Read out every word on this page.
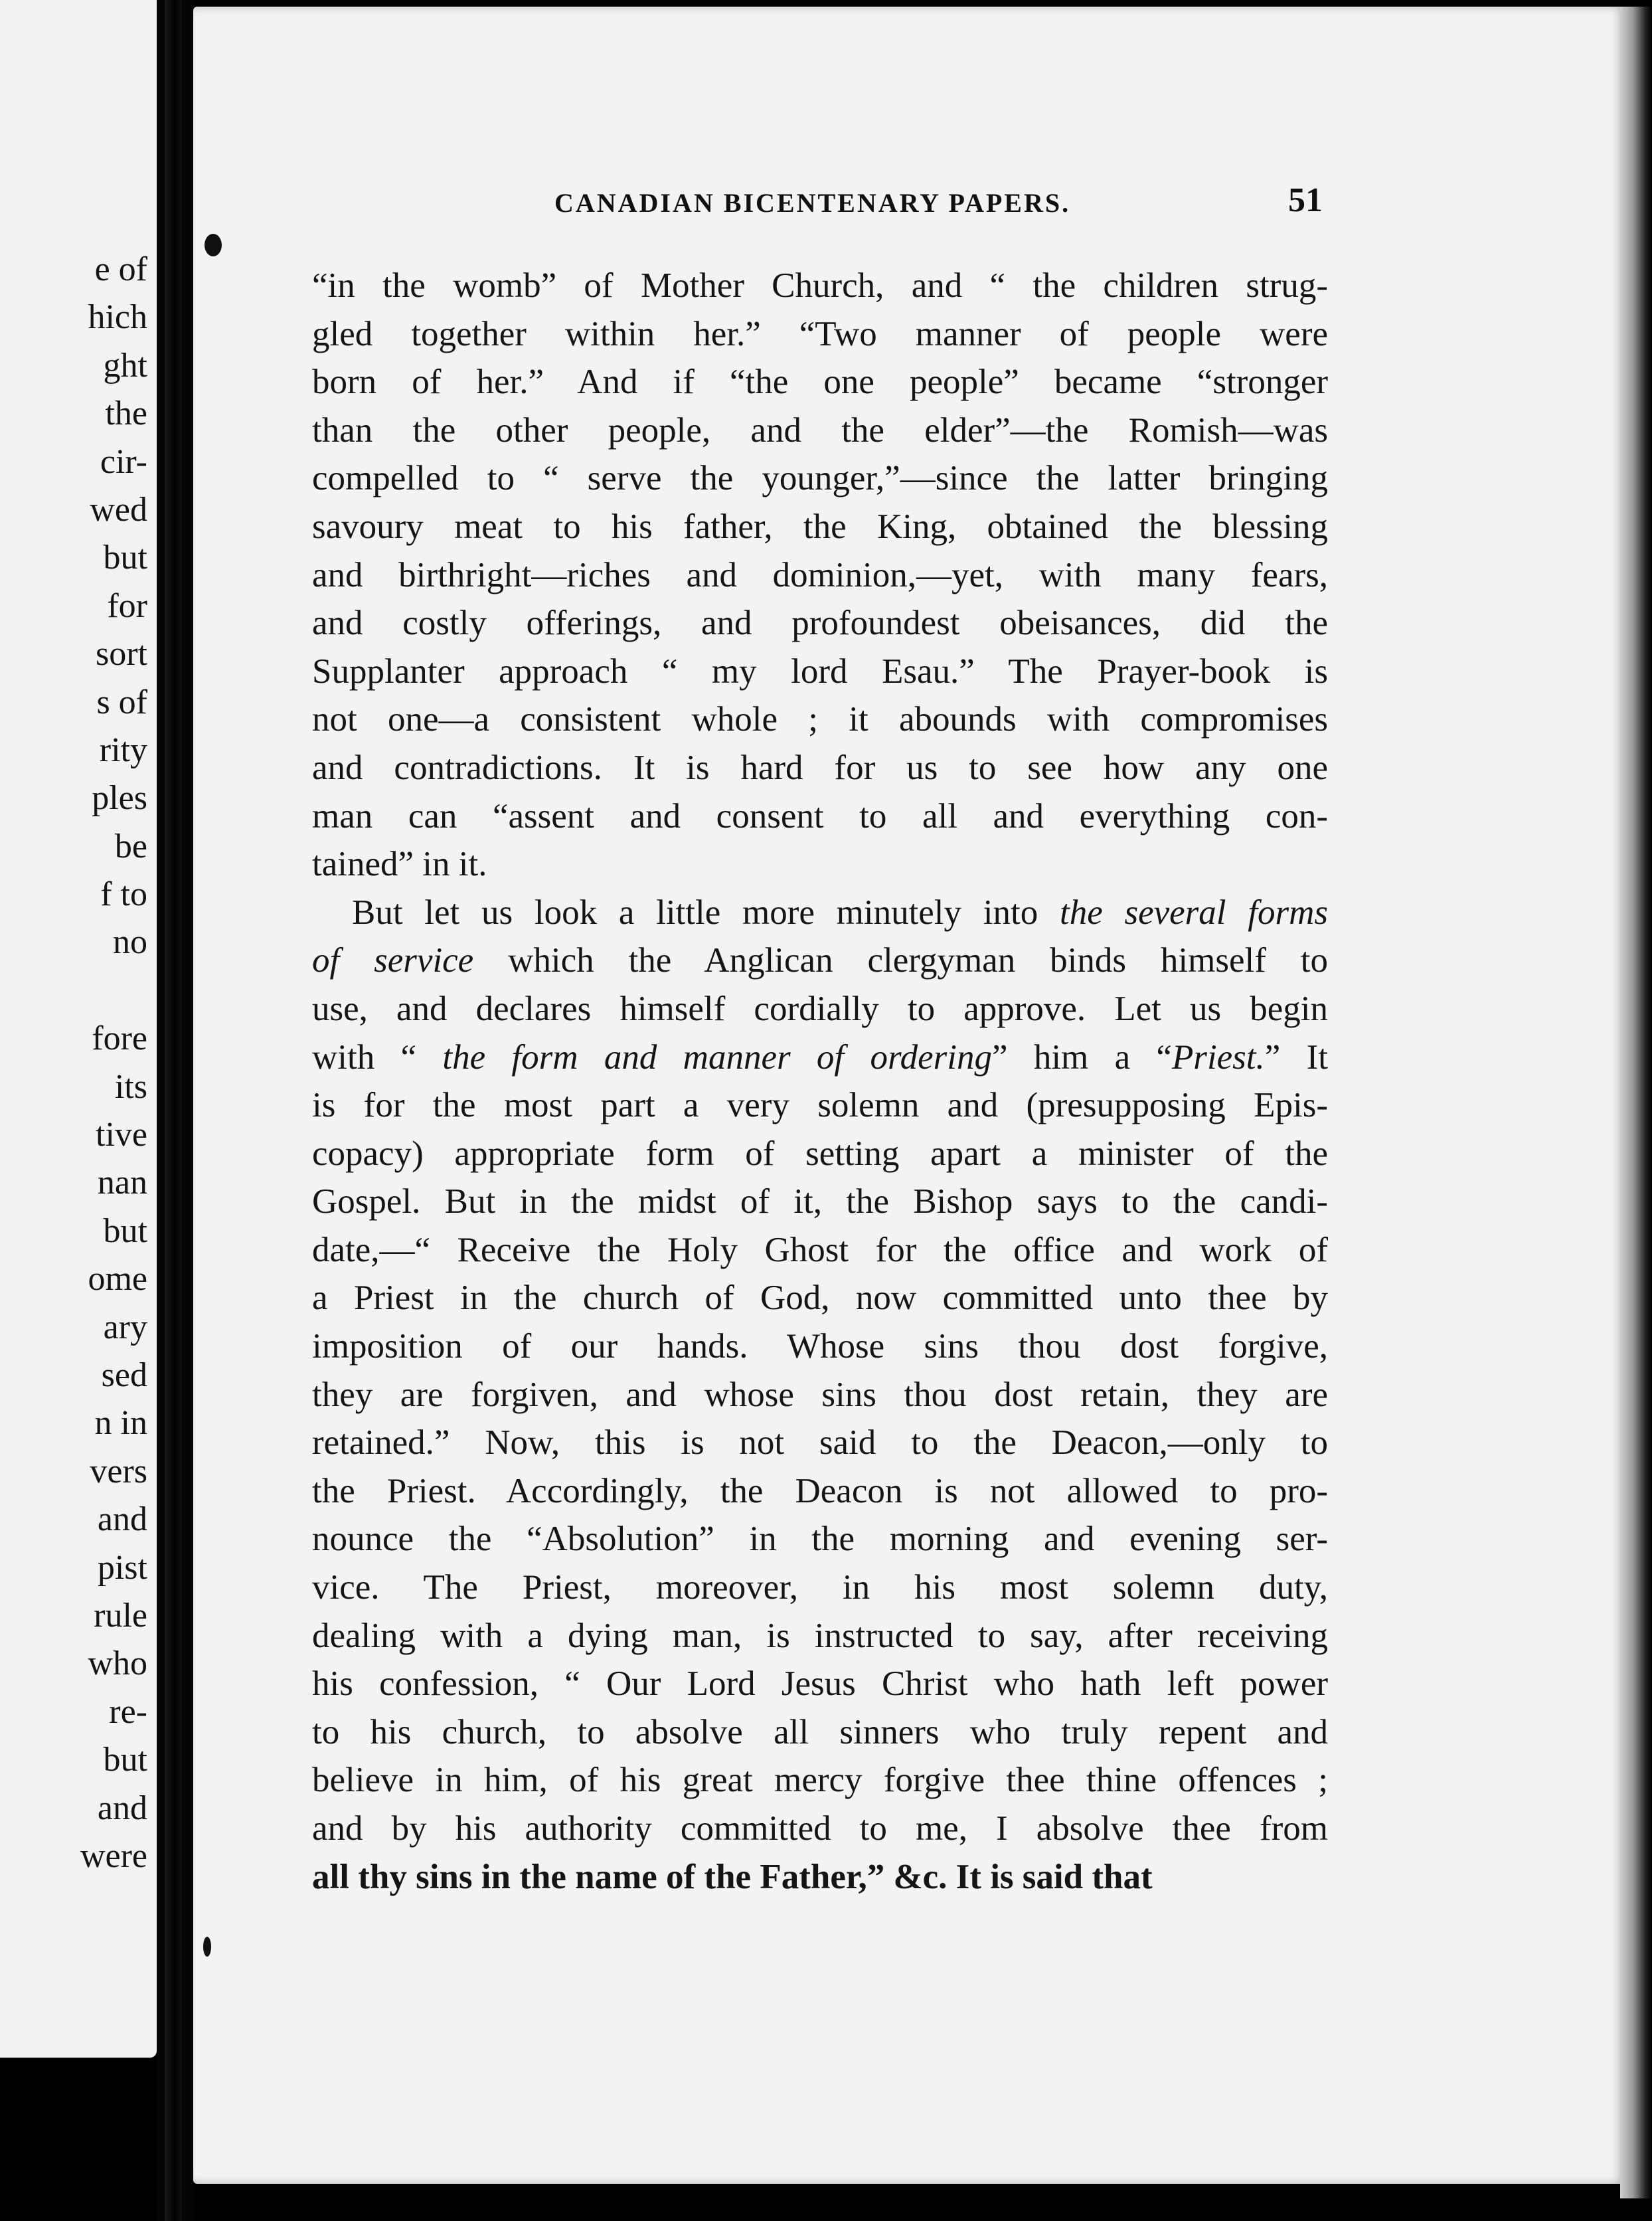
e of
hich
ght
the
cir-
wed
but
for
sort
s of
rity
ples
be
f to
no
fore
its
tive
nan
but
ome
ary
sed
n in
vers
and
pist
rule
who
re-
but
and
were
CANADIAN BICENTENARY PAPERS.	51
“in the womb” of Mother Church, and “ the children strug-
gled together within her.” “Two manner of people were
born of her.” And if “the one people” became “stronger
than the other people, and the elder”—the Romish—was
compelled to “ serve the younger,”—since the latter bringing
savoury meat to his father, the King, obtained the blessing
and birthright—riches and dominion,—yet, with many fears,
and costly offerings, and profoundest obeisances, did the
Supplanter approach “ my lord Esau.” The Prayer-book is
not one—a consistent whole ; it abounds with compromises
and contradictions. It is hard for us to see how any one
man can “assent and consent to all and everything con-
tained” in it.
But let us look a little more minutely into the several forms
of service which the Anglican clergyman binds himself to
use, and declares himself cordially to approve. Let us begin
with “ the form and manner of ordering” him a “Priest.” It
is for the most part a very solemn and (presupposing Epis-
copacy) appropriate form of setting apart a minister of the
Gospel. But in the midst of it, the Bishop says to the candi-
date,—“ Receive the Holy Ghost for the office and work of
a Priest in the church of God, now committed unto thee by
imposition of our hands. Whose sins thou dost forgive,
they are forgiven, and whose sins thou dost retain, they are
retained.” Now, this is not said to the Deacon,—only to
the Priest. Accordingly, the Deacon is not allowed to pro-
nounce the “Absolution” in the morning and evening ser-
vice. The Priest, moreover, in his most solemn duty,
dealing with a dying man, is instructed to say, after receiving
his confession, “ Our Lord Jesus Christ who hath left power
to his church, to absolve all sinners who truly repent and
believe in him, of his great mercy forgive thee thine offences ;
and by his authority committed to me, I absolve thee from
all thy sins in the name of the Father,” &c. It is said that
